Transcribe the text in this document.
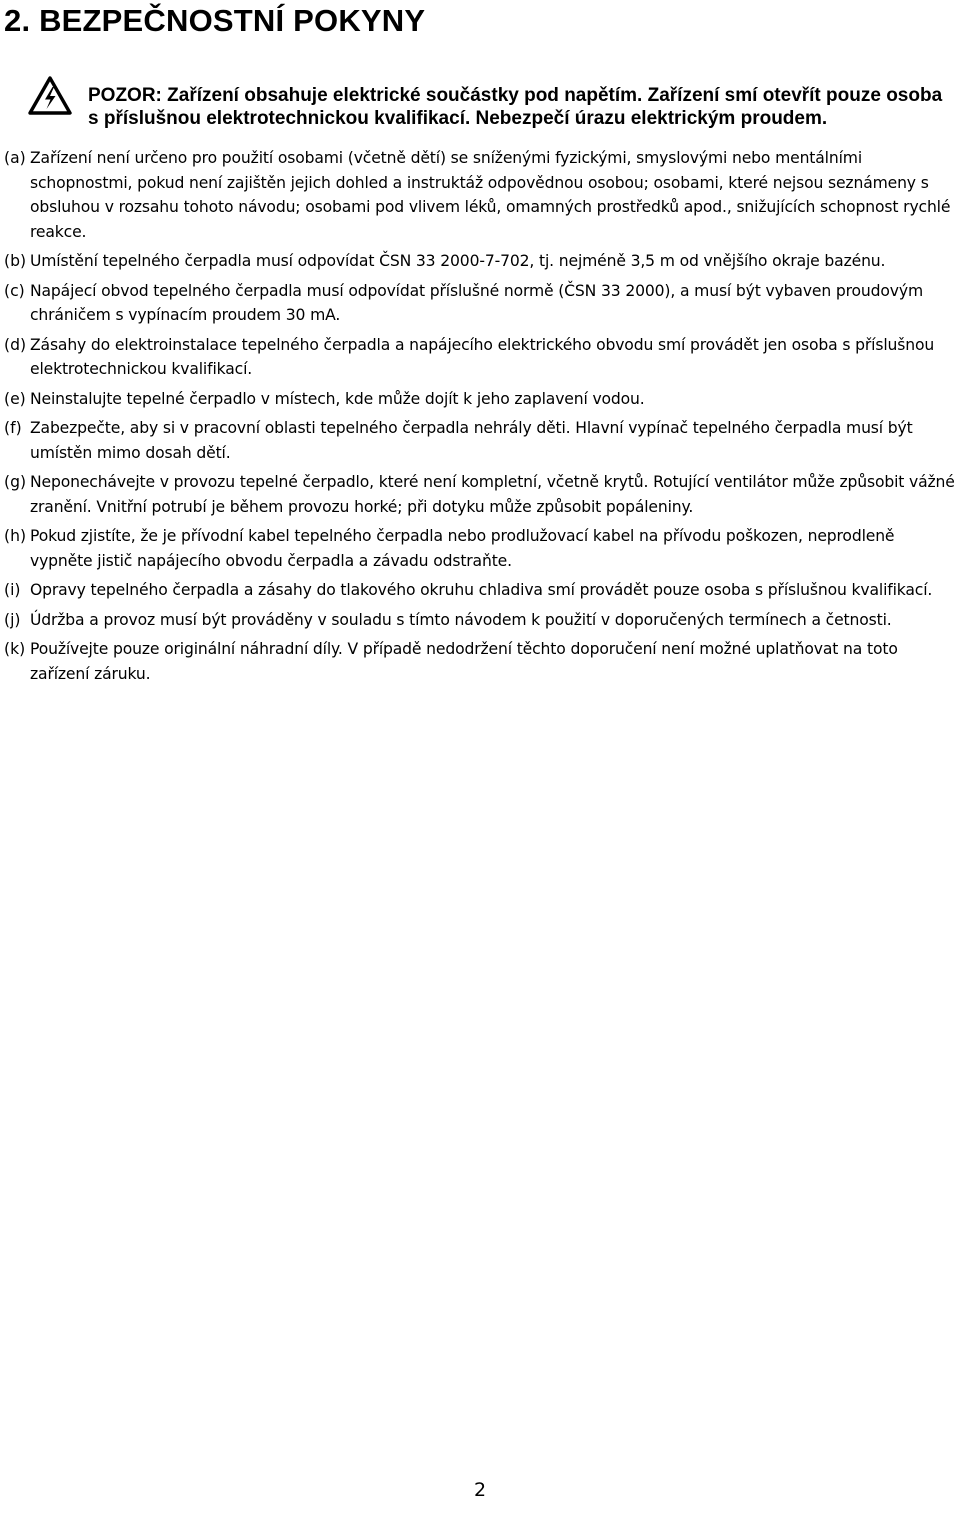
2. BEZPEČNOSTNÍ POKYNY

POZOR: Zařízení obsahuje elektrické součástky pod napětím. Zařízení smí otevřít pouze osoba s příslušnou elektrotechnickou kvalifikací. Nebezpečí úrazu elektrickým proudem.

(a) Zařízení není určeno pro použití osobami (včetně dětí) se sníženými fyzickými, smyslovými nebo mentálními schopnostmi, pokud není zajištěn jejich dohled a instruktáž odpovědnou osobou; osobami, které nejsou seznámeny s obsluhou v rozsahu tohoto návodu; osobami pod vlivem léků, omamných prostředků apod., snižujících schopnost rychlé reakce.
(b) Umístění tepelného čerpadla musí odpovídat ČSN 33 2000-7-702, tj. nejméně 3,5 m od vnějšího okraje bazénu.
(c) Napájecí obvod tepelného čerpadla musí odpovídat příslušné normě (ČSN 33 2000), a musí být vybaven proudovým chráničem s vypínacím proudem 30 mA.
(d) Zásahy do elektroinstalace tepelného čerpadla a napájecího elektrického obvodu smí provádět jen osoba s příslušnou elektrotechnickou kvalifikací.
(e) Neinstalujte tepelné čerpadlo v místech, kde může dojít k jeho zaplavení vodou.
(f) Zabezpečte, aby si v pracovní oblasti tepelného čerpadla nehrály děti. Hlavní vypínač tepelného čerpadla musí být umístěn mimo dosah dětí.
(g) Neponechávejte v provozu tepelné čerpadlo, které není kompletní, včetně krytů. Rotující ventilátor může způsobit vážné zranění. Vnitřní potrubí je během provozu horké; při dotyku může způsobit popáleniny.
(h) Pokud zjistíte, že je přívodní kabel tepelného čerpadla nebo prodlužovací kabel na přívodu poškozen, neprodleně vypněte jistič napájecího obvodu čerpadla a závadu odstraňte.
(i) Opravy tepelného čerpadla a zásahy do tlakového okruhu chladiva smí provádět pouze osoba s příslušnou kvalifikací.
(j) Údržba a provoz musí být prováděny v souladu s tímto návodem k použití v doporučených termínech a četnosti.
(k) Používejte pouze originální náhradní díly. V případě nedodržení těchto doporučení není možné uplatňovat na toto zařízení záruku.

2
